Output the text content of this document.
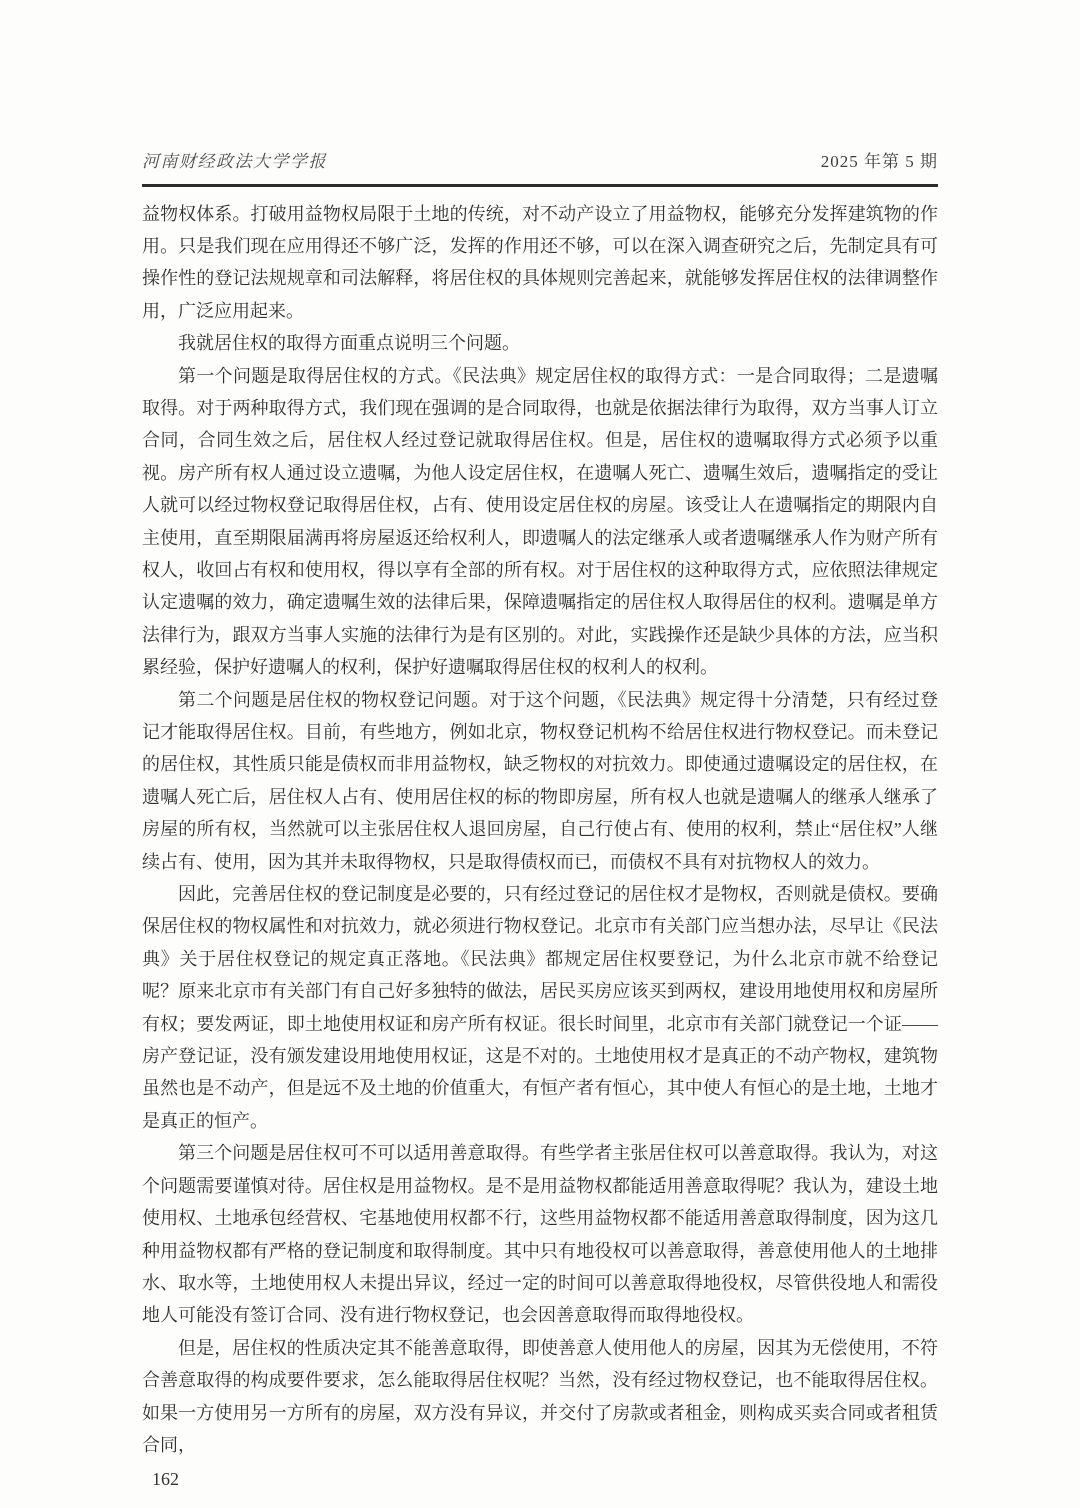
河南财经政法大学学报	2025 年第 5 期

益物权体系。打破用益物权局限于土地的传统，对不动产设立了用益物权，能够充分发挥建筑物的作用。只是我们现在应用得还不够广泛，发挥的作用还不够，可以在深入调查研究之后，先制定具有可操作性的登记法规规章和司法解释，将居住权的具体规则完善起来，就能够发挥居住权的法律调整作用，广泛应用起来。

我就居住权的取得方面重点说明三个问题。

第一个问题是取得居住权的方式。《民法典》规定居住权的取得方式：一是合同取得；二是遗嘱取得。对于两种取得方式，我们现在强调的是合同取得，也就是依据法律行为取得，双方当事人订立合同，合同生效之后，居住权人经过登记就取得居住权。但是，居住权的遗嘱取得方式必须予以重视。房产所有权人通过设立遗嘱，为他人设定居住权，在遗嘱人死亡、遗嘱生效后，遗嘱指定的受让人就可以经过物权登记取得居住权，占有、使用设定居住权的房屋。该受让人在遗嘱指定的期限内自主使用，直至期限届满再将房屋返还给权利人，即遗嘱人的法定继承人或者遗嘱继承人作为财产所有权人，收回占有权和使用权，得以享有全部的所有权。对于居住权的这种取得方式，应依照法律规定认定遗嘱的效力，确定遗嘱生效的法律后果，保障遗嘱指定的居住权人取得居住的权利。遗嘱是单方法律行为，跟双方当事人实施的法律行为是有区别的。对此，实践操作还是缺少具体的方法，应当积累经验，保护好遗嘱人的权利，保护好遗嘱取得居住权的权利人的权利。

第二个问题是居住权的物权登记问题。对于这个问题，《民法典》规定得十分清楚，只有经过登记才能取得居住权。目前，有些地方，例如北京，物权登记机构不给居住权进行物权登记。而未登记的居住权，其性质只能是债权而非用益物权，缺乏物权的对抗效力。即使通过遗嘱设定的居住权，在遗嘱人死亡后，居住权人占有、使用居住权的标的物即房屋，所有权人也就是遗嘱人的继承人继承了房屋的所有权，当然就可以主张居住权人退回房屋，自己行使占有、使用的权利，禁止“居住权”人继续占有、使用，因为其并未取得物权，只是取得债权而已，而债权不具有对抗物权人的效力。

因此，完善居住权的登记制度是必要的，只有经过登记的居住权才是物权，否则就是债权。要确保居住权的物权属性和对抗效力，就必须进行物权登记。北京市有关部门应当想办法，尽早让《民法典》关于居住权登记的规定真正落地。《民法典》都规定居住权要登记，为什么北京市就不给登记呢？原来北京市有关部门有自己好多独特的做法，居民买房应该买到两权，建设用地使用权和房屋所有权；要发两证，即土地使用权证和房产所有权证。很长时间里，北京市有关部门就登记一个证——房产登记证，没有颁发建设用地使用权证，这是不对的。土地使用权才是真正的不动产物权，建筑物虽然也是不动产，但是远不及土地的价值重大，有恒产者有恒心，其中使人有恒心的是土地，土地才是真正的恒产。

第三个问题是居住权可不可以适用善意取得。有些学者主张居住权可以善意取得。我认为，对这个问题需要谨慎对待。居住权是用益物权。是不是用益物权都能适用善意取得呢？我认为，建设土地使用权、土地承包经营权、宅基地使用权都不行，这些用益物权都不能适用善意取得制度，因为这几种用益物权都有严格的登记制度和取得制度。其中只有地役权可以善意取得，善意使用他人的土地排水、取水等，土地使用权人未提出异议，经过一定的时间可以善意取得地役权，尽管供役地人和需役地人可能没有签订合同、没有进行物权登记，也会因善意取得而取得地役权。

但是，居住权的性质决定其不能善意取得，即使善意人使用他人的房屋，因其为无偿使用，不符合善意取得的构成要件要求，怎么能取得居住权呢？当然，没有经过物权登记，也不能取得居住权。如果一方使用另一方所有的房屋，双方没有异议，并交付了房款或者租金，则构成买卖合同或者租赁合同，

162
